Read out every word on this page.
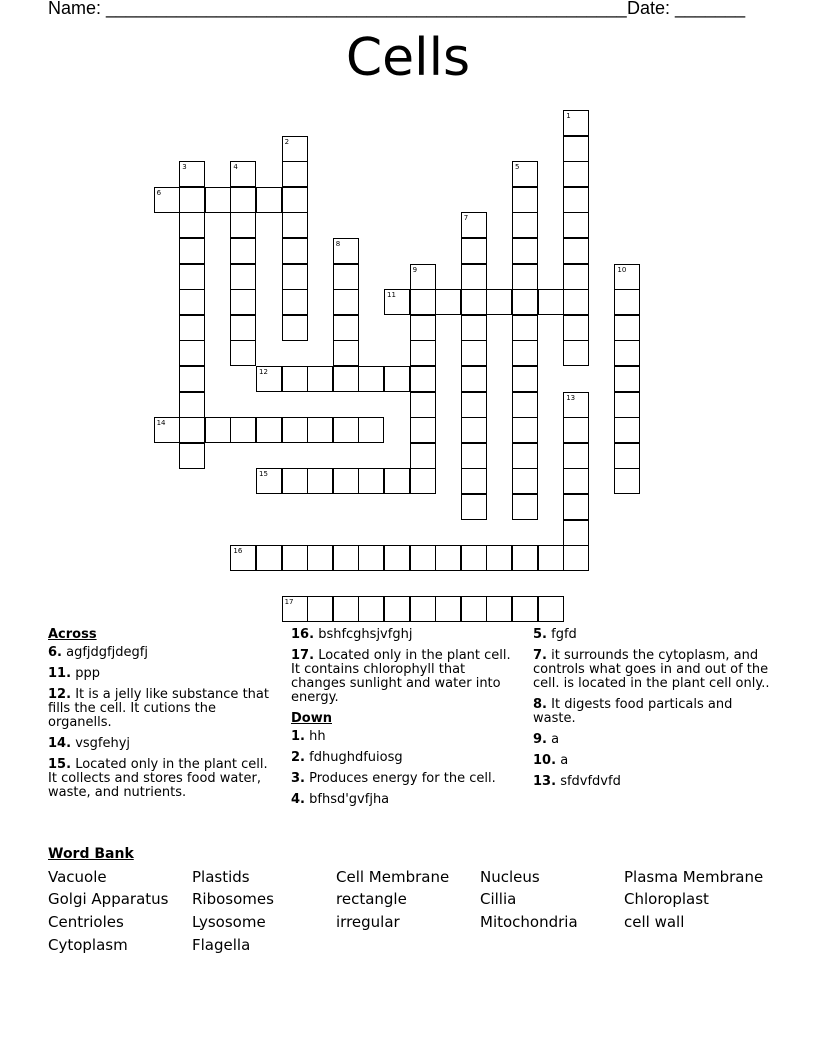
Name: ____________________________________________________ Date: _______
Cells
6
11
12
14
15
16
17
1
2
3	4	5
7
8
9	10
13
Across
6. agfjdgfjdegfj
11. ppp
12. It is a jelly like substance that fills the cell. It cutions the organells.
14. vsgfehyj
15. Located only in the plant cell. It collects and stores food water, waste, and nutrients.
16. bshfcghsjvfghj
17. Located only in the plant cell. It contains chlorophyll that changes sunlight and water into energy.
Down
1. hh
2. fdhughdfuiosg
3. Produces energy for the cell.
4. bfhsd'gvfjha
5. fgfd
7. it surrounds the cytoplasm, and controls what goes in and out of the cell. is located in the plant cell only..
8. It digests food particals and waste.
9. a
10. a
13. sfdvfdvfd
Word Bank
Vacuole	Plastids	Cell Membrane Nucleus	Plasma Membrane
Golgi Apparatus Ribosomes	rectangle	Cillia	Chloroplast
Centrioles	Lysosome	irregular	Mitochondria	cell wall
Cytoplasm	Flagella
